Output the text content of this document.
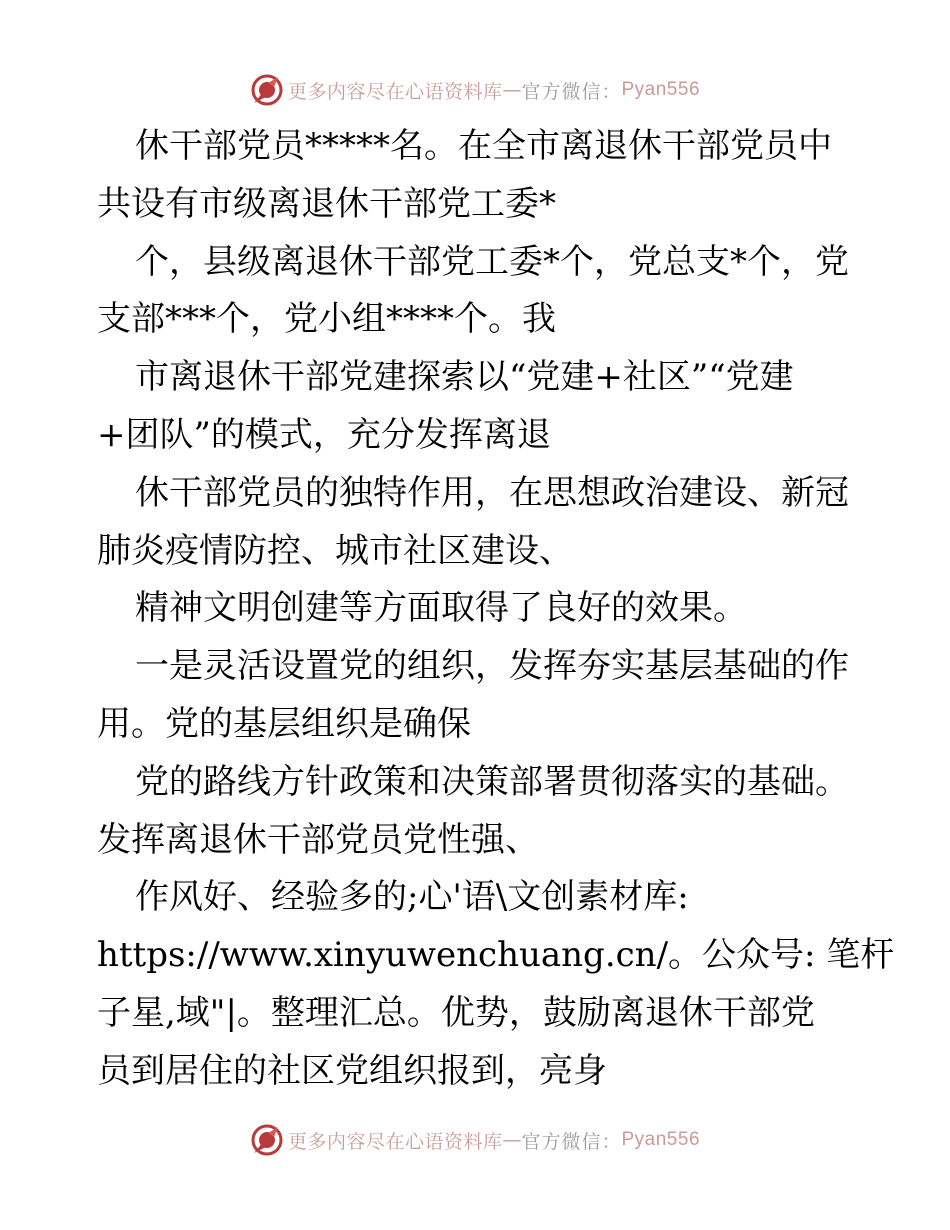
更多内容尽在心语资料库 — 官方微信： Pyan556
休干部党员*****名。在全市离退休干部党员中
共设有市级离退休干部党工委*
个，县级离退休干部党工委*个，党总支*个，党
支部***个，党小组****个。我
市离退休干部党建探索以“党建+社区”“党建
+团队”的模式，充分发挥离退
休干部党员的独特作用，在思想政治建设、新冠
肺炎疫情防控、城市社区建设、
精神文明创建等方面取得了良好的效果。
一是灵活设置党的组织，发挥夯实基层基础的作
用。党的基层组织是确保
党的路线方针政策和决策部署贯彻落实的基础。
发挥离退休干部党员党性强、
作风好、经验多的;心'语\文创素材库:
https://www.xinyuwenchuang.cn/。公众号: 笔杆
子星,域"|。整理汇总。优势，鼓励离退休干部党
员到居住的社区党组织报到，亮身
更多内容尽在心语资料库 — 官方微信： Pyan556
